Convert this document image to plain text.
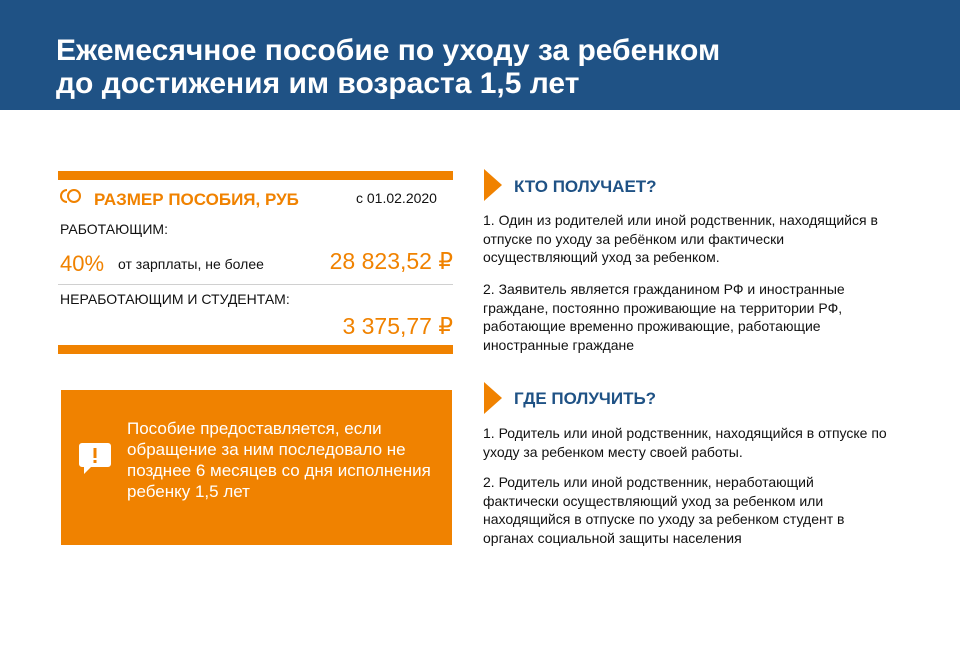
Ежемесячное пособие по уходу за ребенком
до достижения им возраста 1,5 лет
РАЗМЕР ПОСОБИЯ, РУБ	с 01.02.2020
РАБОТАЮЩИМ:
40% от зарплаты, не более	28 823,52 ₽
НЕРАБОТАЮЩИМ И СТУДЕНТАМ:
3 375,77 ₽
Пособие предоставляется, если обращение за ним последовало не позднее 6 месяцев со дня исполнения ребенку 1,5 лет
КТО ПОЛУЧАЕТ?
1. Один из родителей или иной родственник, находящийся в отпуске по уходу за ребёнком или фактически осуществляющий уход за ребенком.
2. Заявитель является гражданином РФ и иностранные граждане, постоянно проживающие на территории РФ, работающие временно проживающие, работающие иностранные граждане
ГДЕ ПОЛУЧИТЬ?
1. Родитель или иной родственник, находящийся в отпуске по уходу за ребенком месту своей работы.
2. Родитель или иной родственник, неработающий фактически осуществляющий уход за ребенком или находящийся в отпуске по уходу за ребенком студент в органах социальной защиты населения
